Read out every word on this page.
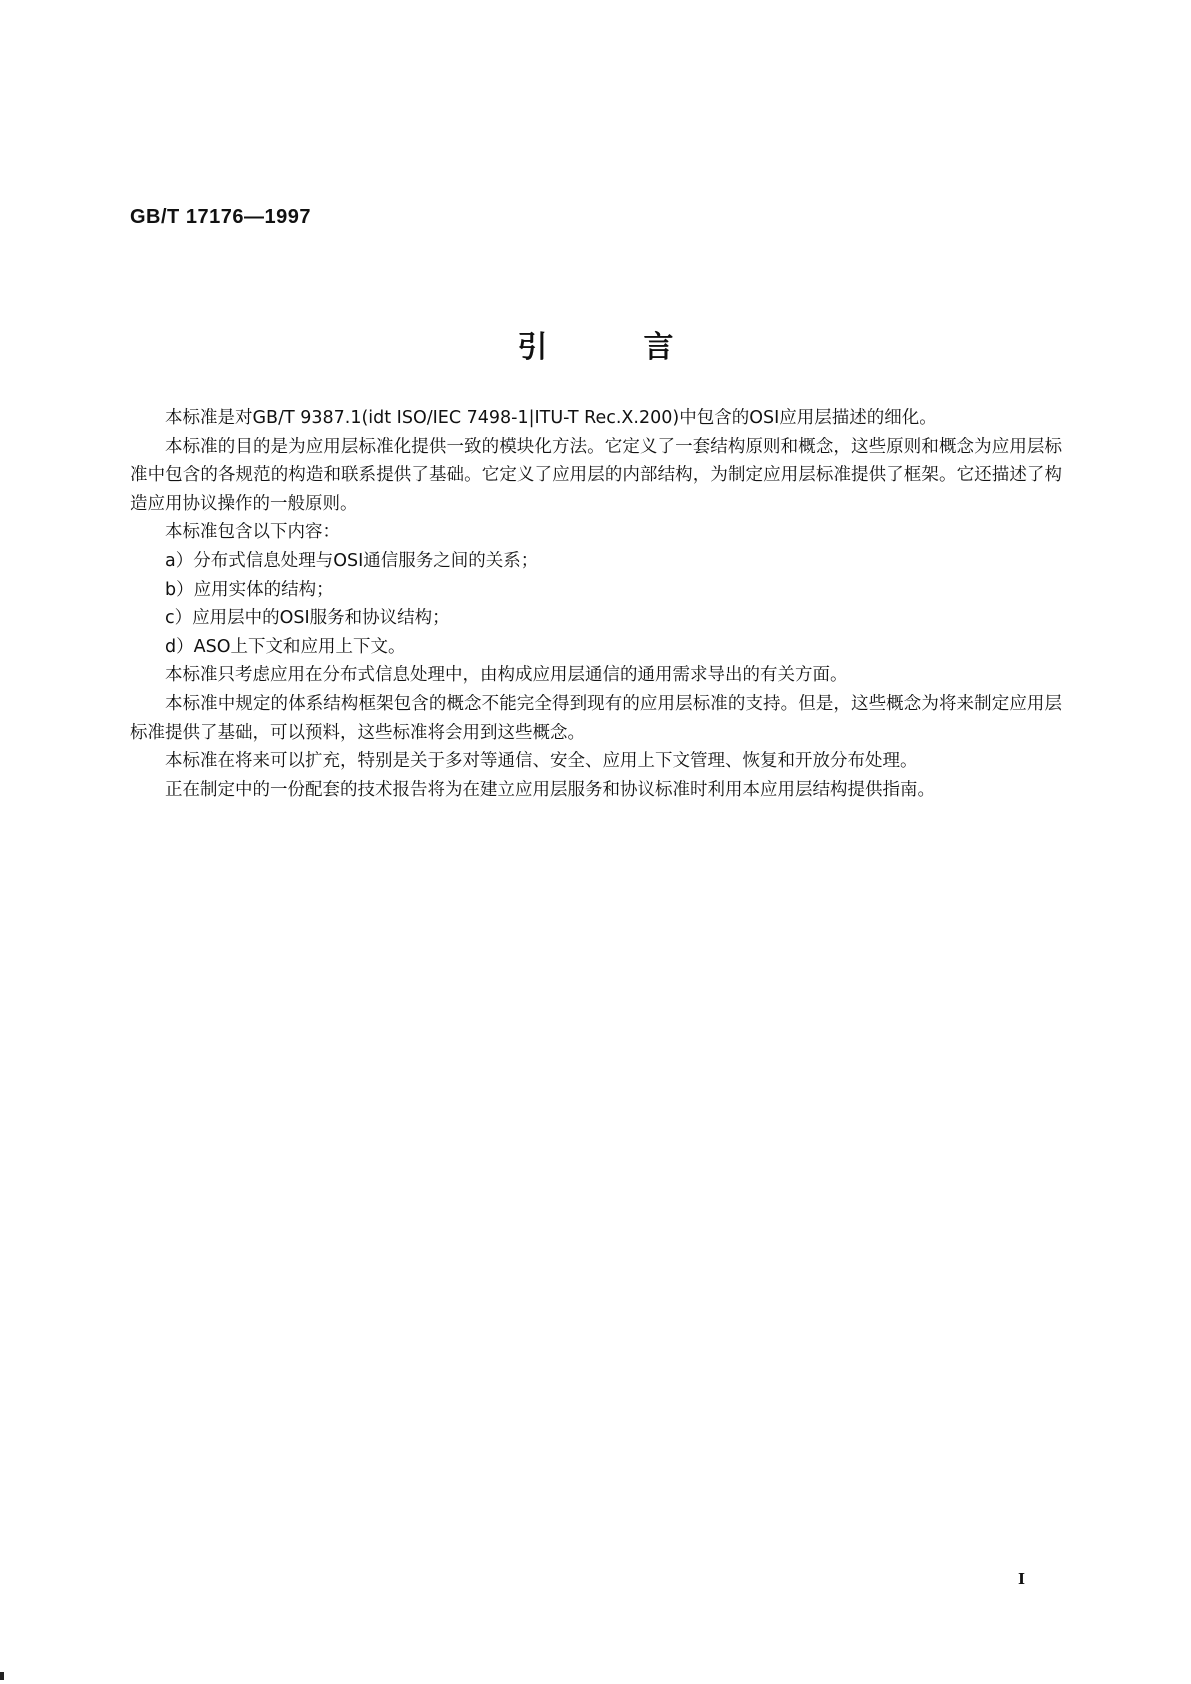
GB/T 17176—1997
引言

本标准是对GB/T 9387.1(idt ISO/IEC 7498-1|ITU-T Rec.X.200)中包含的OSI应用层描述的细化。

本标准的目的是为应用层标准化提供一致的模块化方法。它定义了一套结构原则和概念，这些原则和概念为应用层标准中包含的各规范的构造和联系提供了基础。它定义了应用层的内部结构，为制定应用层标准提供了框架。它还描述了构造应用协议操作的一般原则。

本标准包含以下内容：

a）分布式信息处理与OSI通信服务之间的关系；

b）应用实体的结构；

c）应用层中的OSI服务和协议结构；

d）ASO上下文和应用上下文。

本标准只考虑应用在分布式信息处理中，由构成应用层通信的通用需求导出的有关方面。

本标准中规定的体系结构框架包含的概念不能完全得到现有的应用层标准的支持。但是，这些概念为将来制定应用层标准提供了基础，可以预料，这些标准将会用到这些概念。

本标准在将来可以扩充，特别是关于多对等通信、安全、应用上下文管理、恢复和开放分布处理。

正在制定中的一份配套的技术报告将为在建立应用层服务和协议标准时利用本应用层结构提供指南。

Ⅰ
